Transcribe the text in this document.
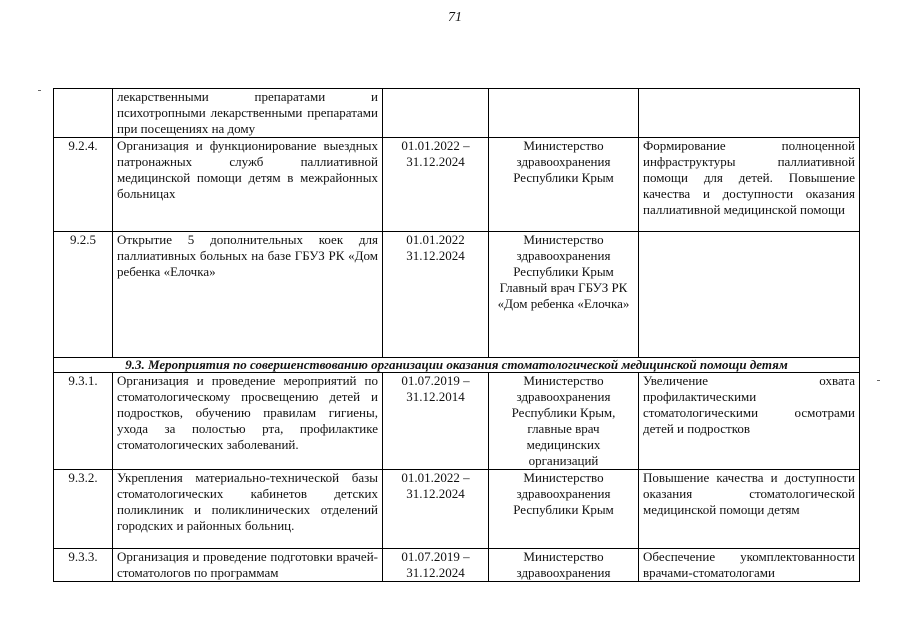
71
	лекарственными препаратами и психотропными лекарственными препаратами при посещениях на дому			
9.2.4.	Организация и функционирование выездных патронажных служб паллиативной медицинской помощи детям в межрайонных больницах	01.01.2022 – 31.12.2024	Министерство здравоохранения Республики Крым	Формирование полноценной инфраструктуры паллиативной помощи для детей. Повышение качества и доступности оказания паллиативной медицинской помощи
9.2.5	Открытие 5 дополнительных коек для паллиативных больных на базе ГБУЗ РК «Дом ребенка «Елочка»	01.01.2022 31.12.2024	Министерство здравоохранения Республики Крым Главный врач ГБУЗ РК «Дом ребенка «Елочка»	
9.3. Мероприятия по совершенствованию организации оказания стоматологической медицинской помощи детям				
9.3.1.	Организация и проведение мероприятий по стоматологическому просвещению детей и подростков, обучению правилам гигиены, ухода за полостью рта, профилактике стоматологических заболеваний.	01.07.2019 – 31.12.2014	Министерство здравоохранения Республики Крым, главные врач медицинских организаций	Увеличение охвата профилактическими стоматологическими осмотрами детей и подростков
9.3.2.	Укрепления материально-технической базы стоматологических кабинетов детских поликлиник и поликлинических отделений городских и районных больниц.	01.01.2022 – 31.12.2024	Министерство здравоохранения Республики Крым	Повышение качества и доступности оказания стоматологической медицинской помощи детям
9.3.3.	Организация и проведение подготовки врачей-стоматологов по программам	01.07.2019 – 31.12.2024	Министерство здравоохранения	Обеспечение укомплектованности врачами-стоматологами
